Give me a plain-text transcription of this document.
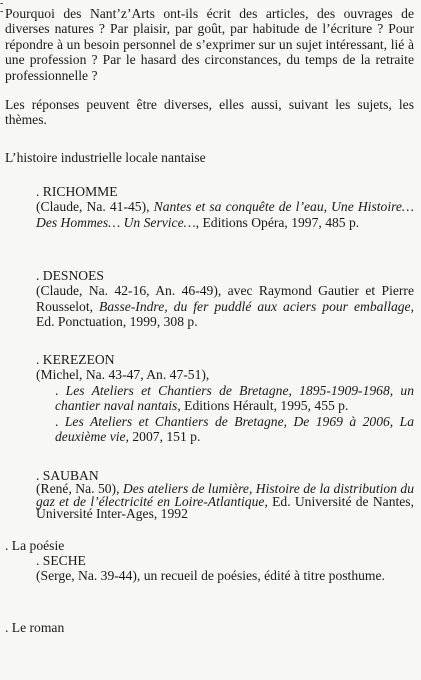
-- Pourquoi des Nant’z’Arts ont-ils écrit des articles, des ouvrages de diverses natures ? Par plaisir, par goût, par habitude de l’écriture ? Pour répondre à un besoin personnel de s’exprimer sur un sujet intéressant, lié à une profession ? Par le hasard des circonstances, du temps de la retraite professionnelle ?

Les réponses peuvent être diverses, elles aussi, suivant les sujets, les thèmes.

L’histoire industrielle locale nantaise
. RICHOMME
(Claude, Na. 41-45), Nantes et sa conquête de l’eau, Une Histoire… Des Hommes… Un Service…, Editions Opéra, 1997, 485 p.
. DESNOES
(Claude, Na. 42-16, An. 46-49), avec Raymond Gautier et Pierre Rousselot, Basse-Indre, du fer puddlé aux aciers pour emballage, Ed. Ponctuation, 1999, 308 p.
. KEREZEON
(Michel, Na. 43-47, An. 47-51),
. Les Ateliers et Chantiers de Bretagne, 1895-1909-1968, un chantier naval nantais, Editions Hérault, 1995, 455 p.
. Les Ateliers et Chantiers de Bretagne, De 1969 à 2006, La deuxième vie, 2007, 151 p.
. SAUBAN
(René, Na. 50), Des ateliers de lumière, Histoire de la distribution du gaz et de l’électricité en Loire-Atlantique, Ed. Université de Nantes, Université Inter-Ages, 1992
. La poésie
. SECHE
(Serge, Na. 39-44), un recueil de poésies, édité à titre posthume.
. Le roman
